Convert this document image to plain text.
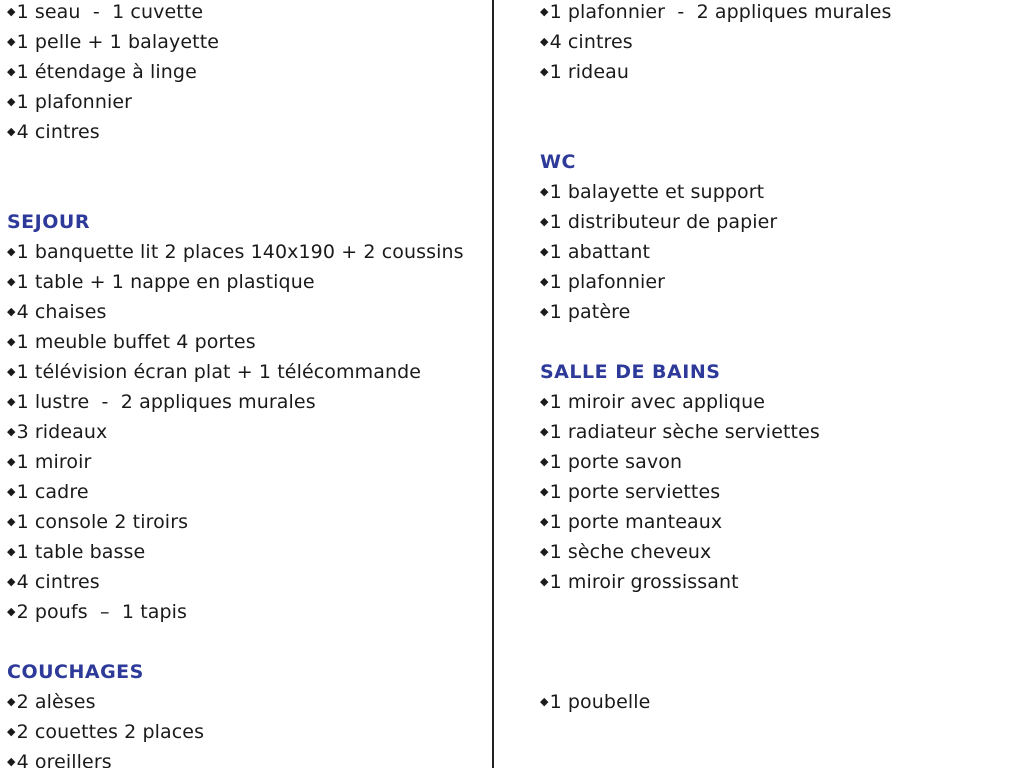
◆1 seau  -  1 cuvette
◆1 pelle + 1 balayette
◆1 étendage à linge
◆1 plafonnier
◆4 cintres
SEJOUR
◆1 banquette lit 2 places 140x190 + 2 coussins
◆1 table + 1 nappe en plastique
◆4 chaises
◆1 meuble buffet 4 portes
◆1 télévision écran plat + 1 télécommande
◆1 lustre  -  2 appliques murales
◆3 rideaux
◆1 miroir
◆1 cadre
◆1 console 2 tiroirs
◆1 table basse
◆4 cintres
◆2 poufs  –  1 tapis
COUCHAGES
◆2 alèses
◆2 couettes 2 places
◆4 oreillers
◆1 plafonnier  -  2 appliques murales
◆4 cintres
◆1 rideau
WC
◆1 balayette et support
◆1 distributeur de papier
◆1 abattant
◆1 plafonnier
◆1 patère
SALLE DE BAINS
◆1 miroir avec applique
◆1 radiateur sèche serviettes
◆1 porte savon
◆1 porte serviettes
◆1 porte manteaux
◆1 sèche cheveux
◆1 miroir grossissant
◆1 poubelle
